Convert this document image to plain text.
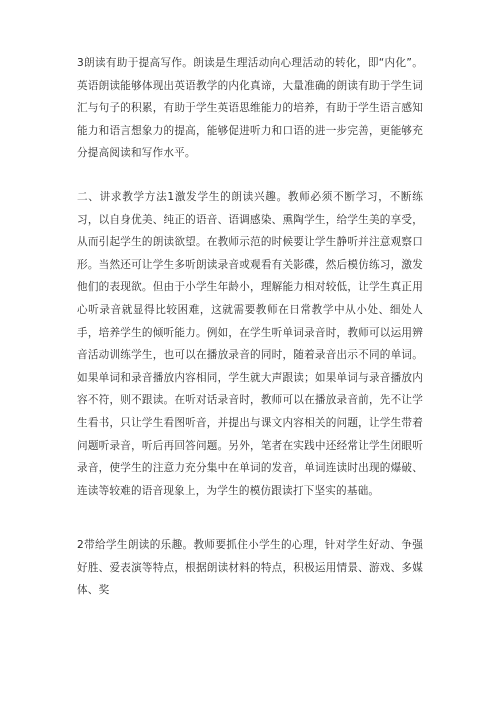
3朗读有助于提高写作。朗读是生理活动向心理活动的转化，即“内化”。英语朗读能够体现出英语教学的内化真谛，大量准确的朗读有助于学生词汇与句子的积累，有助于学生英语思维能力的培养，有助于学生语言感知能力和语言想象力的提高，能够促进听力和口语的进一步完善，更能够充分提高阅读和写作水平。

二、讲求教学方法1激发学生的朗读兴趣。教师必须不断学习，不断练习，以自身优美、纯正的语音、语调感染、熏陶学生，给学生美的享受，从而引起学生的朗读欲望。在教师示范的时候要让学生静听并注意观察口形。当然还可让学生多听朗读录音或观看有关影碟，然后模仿练习，激发他们的表现欲。但由于小学生年龄小，理解能力相对较低，让学生真正用心听录音就显得比较困难，这就需要教师在日常教学中从小处、细处人手，培养学生的倾听能力。例如，在学生听单词录音时，教师可以运用辨音活动训练学生，也可以在播放录音的同时，随着录音出示不同的单词。如果单词和录音播放内容相同，学生就大声跟读；如果单词与录音播放内容不符，则不跟读。在听对话录音时，教师可以在播放录音前，先不让学生看书，只让学生看图听音，并提出与课文内容相关的问题，让学生带着问题听录音，听后再回答问题。另外，笔者在实践中还经常让学生闭眼听录音，使学生的注意力充分集中在单词的发音，单词连读时出现的爆破、连读等较难的语音现象上，为学生的模仿跟读打下坚实的基础。

2带给学生朗读的乐趣。教师要抓住小学生的心理，针对学生好动、争强好胜、爱表演等特点，根据朗读材料的特点，积极运用情景、游戏、多媒体、奖
